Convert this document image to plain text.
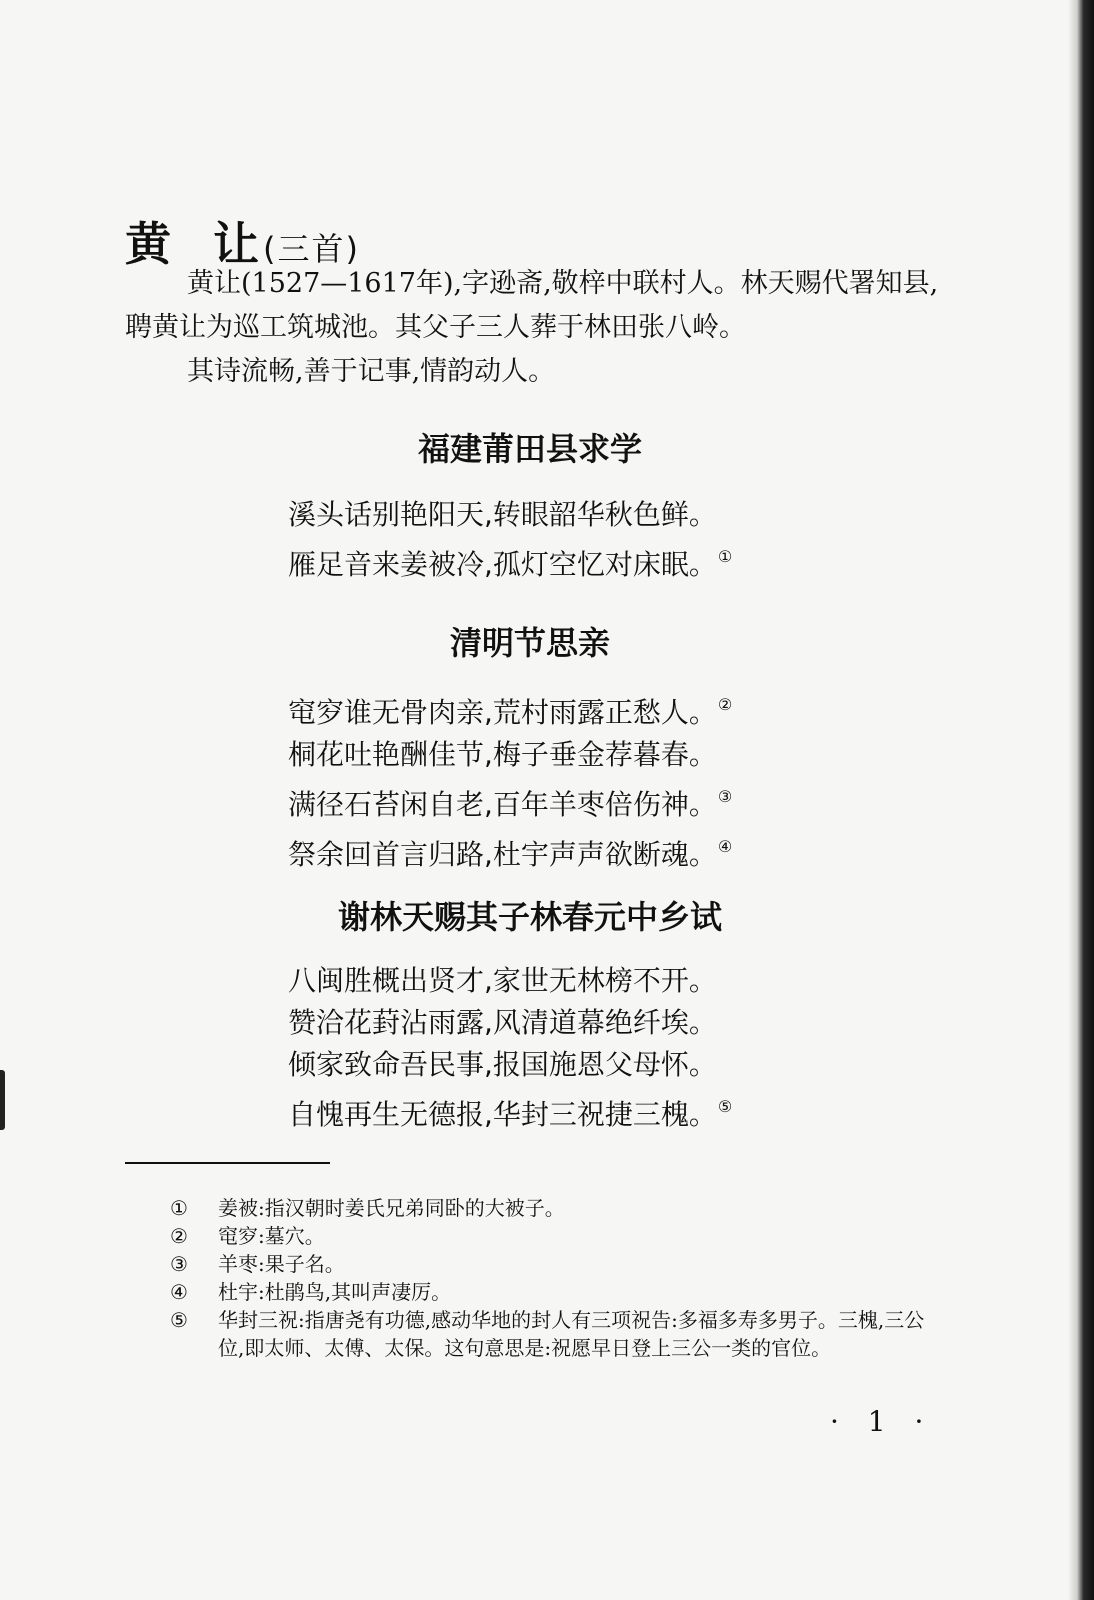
黄 让(三首)

黄让(1527—1617年),字逊斋,敬梓中联村人。林天赐代署知县,聘黄让为巡工筑城池。其父子三人葬于林田张八岭。

其诗流畅,善于记事,情韵动人。

福建莆田县求学
溪头话别艳阳天,转眼韶华秋色鲜。
雁足音来姜被冷,孤灯空忆对床眠。①
清明节思亲
窀穸谁无骨肉亲,荒村雨露正愁人。②
桐花吐艳酬佳节,梅子垂金荐暮春。
满径石苔闲自老,百年羊枣倍伤神。③
祭余回首言归路,杜宇声声欲断魂。④
谢林天赐其子林春元中乡试
八闽胜概出贤才,家世无林榜不开。
赞洽花葑沾雨露,风清道幕绝纤埃。
倾家致命吾民事,报国施恩父母怀。
自愧再生无德报,华封三祝捷三槐。⑤
①	姜被:指汉朝时姜氏兄弟同卧的大被子。
②	窀穸:墓穴。
③	羊枣:果子名。
④	杜宇:杜鹃鸟,其叫声凄厉。
⑤	华封三祝:指唐尧有功德,感动华地的封人有三项祝告:多福多寿多男子。三槐,三公位,即太师、太傅、太保。这句意思是:祝愿早日登上三公一类的官位。
· 1 ·
